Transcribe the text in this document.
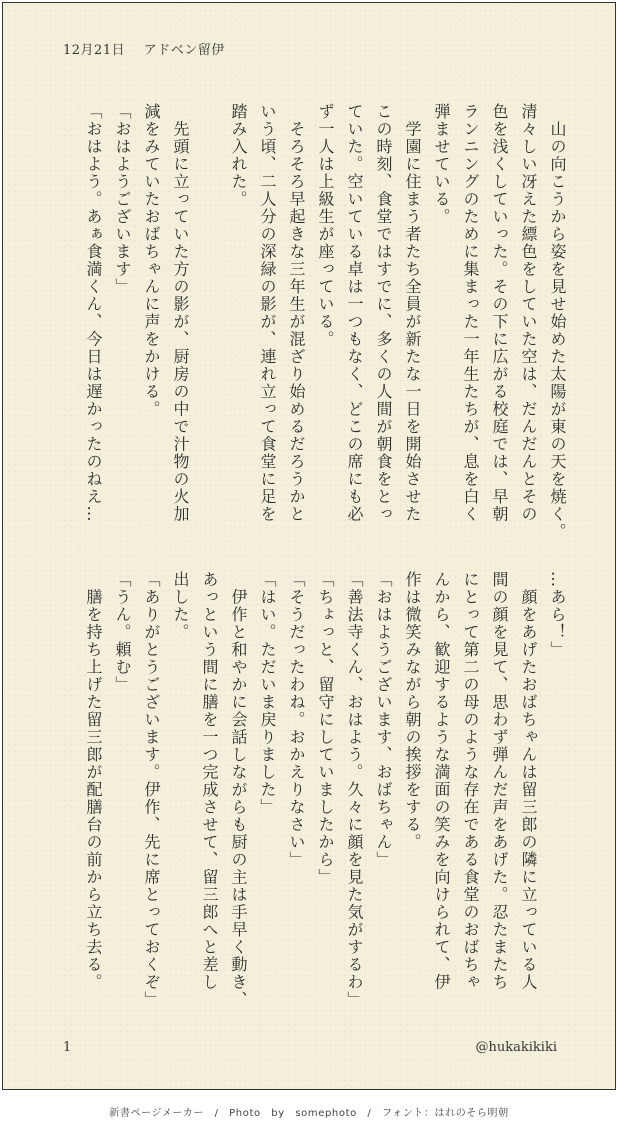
12月21日 アドベン留伊
　山の向こうから姿を見せ始めた太陽が東の天を焼く。
清々しい冴えた縹色をしていた空は、だんだんとその
色を浅くしていった。その下に広がる校庭では、早朝
ランニングのために集まった一年生たちが、息を白く
弾ませている。
　学園に住まう者たち全員が新たな一日を開始させた
この時刻、食堂ではすでに、多くの人間が朝食をとっ
ていた。空いている卓は一つもなく、どこの席にも必
ず一人は上級生が座っている。
　そろそろ早起きな三年生が混ざり始めるだろうかと
いう頃、二人分の深緑の影が、連れ立って食堂に足を
踏み入れた。
　先頭に立っていた方の影が、厨房の中で汁物の火加
減をみていたおばちゃんに声をかける。
「おはようございます」
「おはよう。あぁ食満くん、今日は遅かったのねえ…
…あら！」
　顔をあげたおばちゃんは留三郎の隣に立っている人
間の顔を見て、思わず弾んだ声をあげた。忍たまたち
にとって第二の母のような存在である食堂のおばちゃ
んから、歓迎するような満面の笑みを向けられて、伊
作は微笑みながら朝の挨拶をする。
「おはようございます、おばちゃん」
「善法寺くん、おはよう。久々に顔を見た気がするわ」
「ちょっと、留守にしていましたから」
「そうだったわね。おかえりなさい」
「はい。ただいま戻りました」
　伊作と和やかに会話しながらも厨の主は手早く動き、
あっという間に膳を一つ完成させて、留三郎へと差し
出した。
「ありがとうございます。伊作、先に席とっておくぞ」
「うん。頼む」
　膳を持ち上げた留三郎が配膳台の前から立ち去る。
1	@hukakikiki
新書ページメーカー　/　Photo　by　somephoto　/　フォント：はれのそら明朝
